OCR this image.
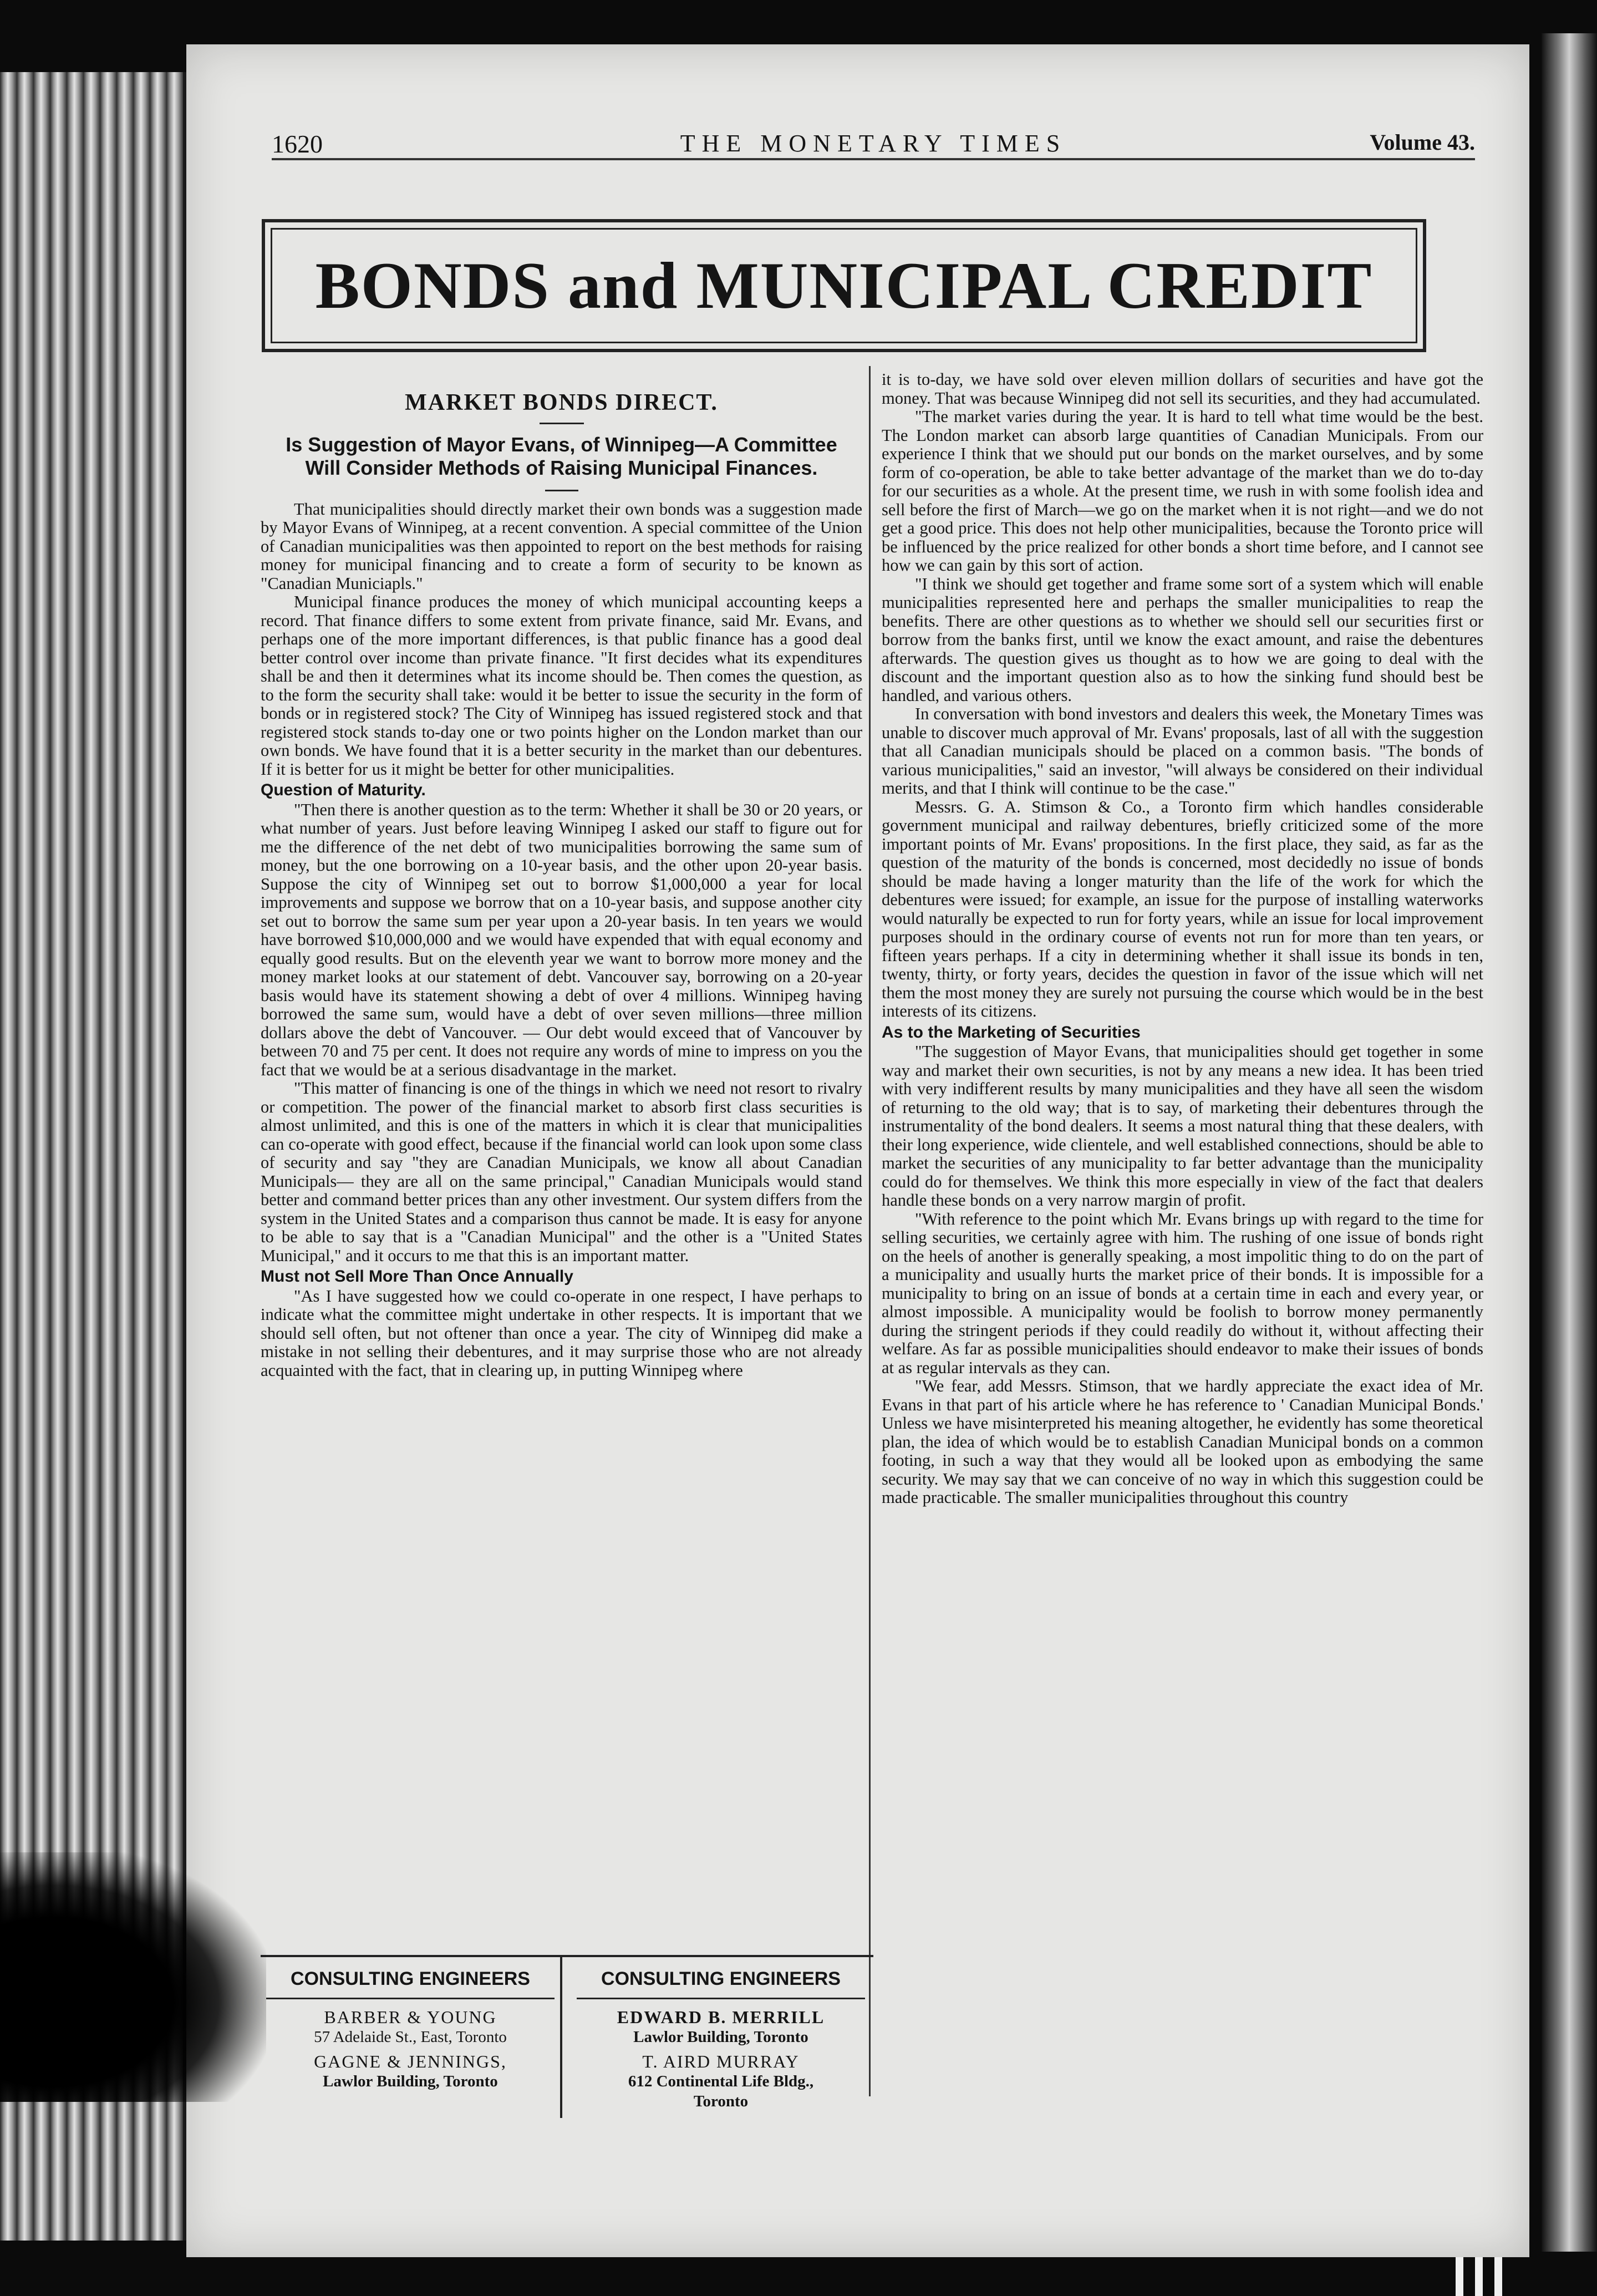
1620	THE MONETARY TIMES	Volume 43.
BONDS and MUNICIPAL CREDIT
MARKET BONDS DIRECT.
Is Suggestion of Mayor Evans, of Winnipeg—A Committee Will Consider Methods of Raising Municipal Finances.

That municipalities should directly market their own bonds was a suggestion made by Mayor Evans of Winnipeg, at a recent convention. A special committee of the Union of Canadian municipalities was then appointed to report on the best methods for raising money for municipal financing and to create a form of security to be known as "Canadian Municiapls."

Municipal finance produces the money of which municipal accounting keeps a record. That finance differs to some extent from private finance, said Mr. Evans, and perhaps one of the more important differences, is that public finance has a good deal better control over income than private finance. "It first decides what its expenditures shall be and then it determines what its income should be. Then comes the question, as to the form the security shall take: would it be better to issue the security in the form of bonds or in registered stock? The City of Winnipeg has issued registered stock and that registered stock stands to-day one or two points higher on the London market than our own bonds. We have found that it is a better security in the market than our debentures. If it is better for us it might be better for other municipalities.

Question of Maturity.

"Then there is another question as to the term: Whether it shall be 30 or 20 years, or what number of years. Just before leaving Winnipeg I asked our staff to figure out for me the difference of the net debt of two municipalities borrowing the same sum of money, but the one borrowing on a 10-year basis, and the other upon 20-year basis. Suppose the city of Winnipeg set out to borrow $1,000,000 a year for local improvements and suppose we borrow that on a 10-year basis, and suppose another city set out to borrow the same sum per year upon a 20-year basis. In ten years we would have borrowed $10,000,000 and we would have expended that with equal economy and equally good results. But on the eleventh year we want to borrow more money and the money market looks at our statement of debt. Vancouver say, borrowing on a 20-year basis would have its statement showing a debt of over 4 millions. Winnipeg having borrowed the same sum, would have a debt of over seven millions—three million dollars above the debt of Vancouver. — Our debt would exceed that of Vancouver by between 70 and 75 per cent. It does not require any words of mine to impress on you the fact that we would be at a serious disadvantage in the market.

"This matter of financing is one of the things in which we need not resort to rivalry or competition. The power of the financial market to absorb first class securities is almost unlimited, and this is one of the matters in which it is clear that municipalities can co-operate with good effect, because if the financial world can look upon some class of security and say "they are Canadian Municipals, we know all about Canadian Municipals— they are all on the same principal," Canadian Municipals would stand better and command better prices than any other investment. Our system differs from the system in the United States and a comparison thus cannot be made. It is easy for anyone to be able to say that is a "Canadian Municipal" and the other is a "United States Municipal," and it occurs to me that this is an important matter.

Must not Sell More Than Once Annually

"As I have suggested how we could co-operate in one respect, I have perhaps to indicate what the committee might undertake in other respects. It is important that we should sell often, but not oftener than once a year. The city of Winnipeg did make a mistake in not selling their debentures, and it may surprise those who are not already acquainted with the fact, that in clearing up, in putting Winnipeg where

it is to-day, we have sold over eleven million dollars of securities and have got the money. That was because Winnipeg did not sell its securities, and they had accumulated.

"The market varies during the year. It is hard to tell what time would be the best. The London market can absorb large quantities of Canadian Municipals. From our experience I think that we should put our bonds on the market ourselves, and by some form of co-operation, be able to take better advantage of the market than we do to-day for our securities as a whole. At the present time, we rush in with some foolish idea and sell before the first of March—we go on the market when it is not right—and we do not get a good price. This does not help other municipalities, because the Toronto price will be influenced by the price realized for other bonds a short time before, and I cannot see how we can gain by this sort of action.

"I think we should get together and frame some sort of a system which will enable municipalities represented here and perhaps the smaller municipalities to reap the benefits. There are other questions as to whether we should sell our securities first or borrow from the banks first, until we know the exact amount, and raise the debentures afterwards. The question gives us thought as to how we are going to deal with the discount and the important question also as to how the sinking fund should best be handled, and various others.

In conversation with bond investors and dealers this week, the Monetary Times was unable to discover much approval of Mr. Evans' proposals, last of all with the suggestion that all Canadian municipals should be placed on a common basis. "The bonds of various municipalities," said an investor, "will always be considered on their individual merits, and that I think will continue to be the case."

Messrs. G. A. Stimson & Co., a Toronto firm which handles considerable government municipal and railway debentures, briefly criticized some of the more important points of Mr. Evans' propositions. In the first place, they said, as far as the question of the maturity of the bonds is concerned, most decidedly no issue of bonds should be made having a longer maturity than the life of the work for which the debentures were issued; for example, an issue for the purpose of installing waterworks would naturally be expected to run for forty years, while an issue for local improvement purposes should in the ordinary course of events not run for more than ten years, or fifteen years perhaps. If a city in determining whether it shall issue its bonds in ten, twenty, thirty, or forty years, decides the question in favor of the issue which will net them the most money they are surely not pursuing the course which would be in the best interests of its citizens.

As to the Marketing of Securities

"The suggestion of Mayor Evans, that municipalities should get together in some way and market their own securities, is not by any means a new idea. It has been tried with very indifferent results by many municipalities and they have all seen the wisdom of returning to the old way; that is to say, of marketing their debentures through the instrumentality of the bond dealers. It seems a most natural thing that these dealers, with their long experience, wide clientele, and well established connections, should be able to market the securities of any municipality to far better advantage than the municipality could do for themselves. We think this more especially in view of the fact that dealers handle these bonds on a very narrow margin of profit.

"With reference to the point which Mr. Evans brings up with regard to the time for selling securities, we certainly agree with him. The rushing of one issue of bonds right on the heels of another is generally speaking, a most impolitic thing to do on the part of a municipality and usually hurts the market price of their bonds. It is impossible for a municipality to bring on an issue of bonds at a certain time in each and every year, or almost impossible. A municipality would be foolish to borrow money permanently during the stringent periods if they could readily do without it, without affecting their welfare. As far as possible municipalities should endeavor to make their issues of bonds at as regular intervals as they can.

"We fear, add Messrs. Stimson, that we hardly appreciate the exact idea of Mr. Evans in that part of his article where he has reference to ' Canadian Municipal Bonds.' Unless we have misinterpreted his meaning altogether, he evidently has some theoretical plan, the idea of which would be to establish Canadian Municipal bonds on a common footing, in such a way that they would all be looked upon as embodying the same security. We may say that we can conceive of no way in which this suggestion could be made practicable. The smaller municipalities throughout this country

CONSULTING ENGINEERS
BARBER & YOUNG
57 Adelaide St., East, Toronto
GAGNE & JENNINGS,
Lawlor Building, Toronto
CONSULTING ENGINEERS
EDWARD B. MERRILL
Lawlor Building, Toronto
T. AIRD MURRAY
612 Continental Life Bldg.,
Toronto
